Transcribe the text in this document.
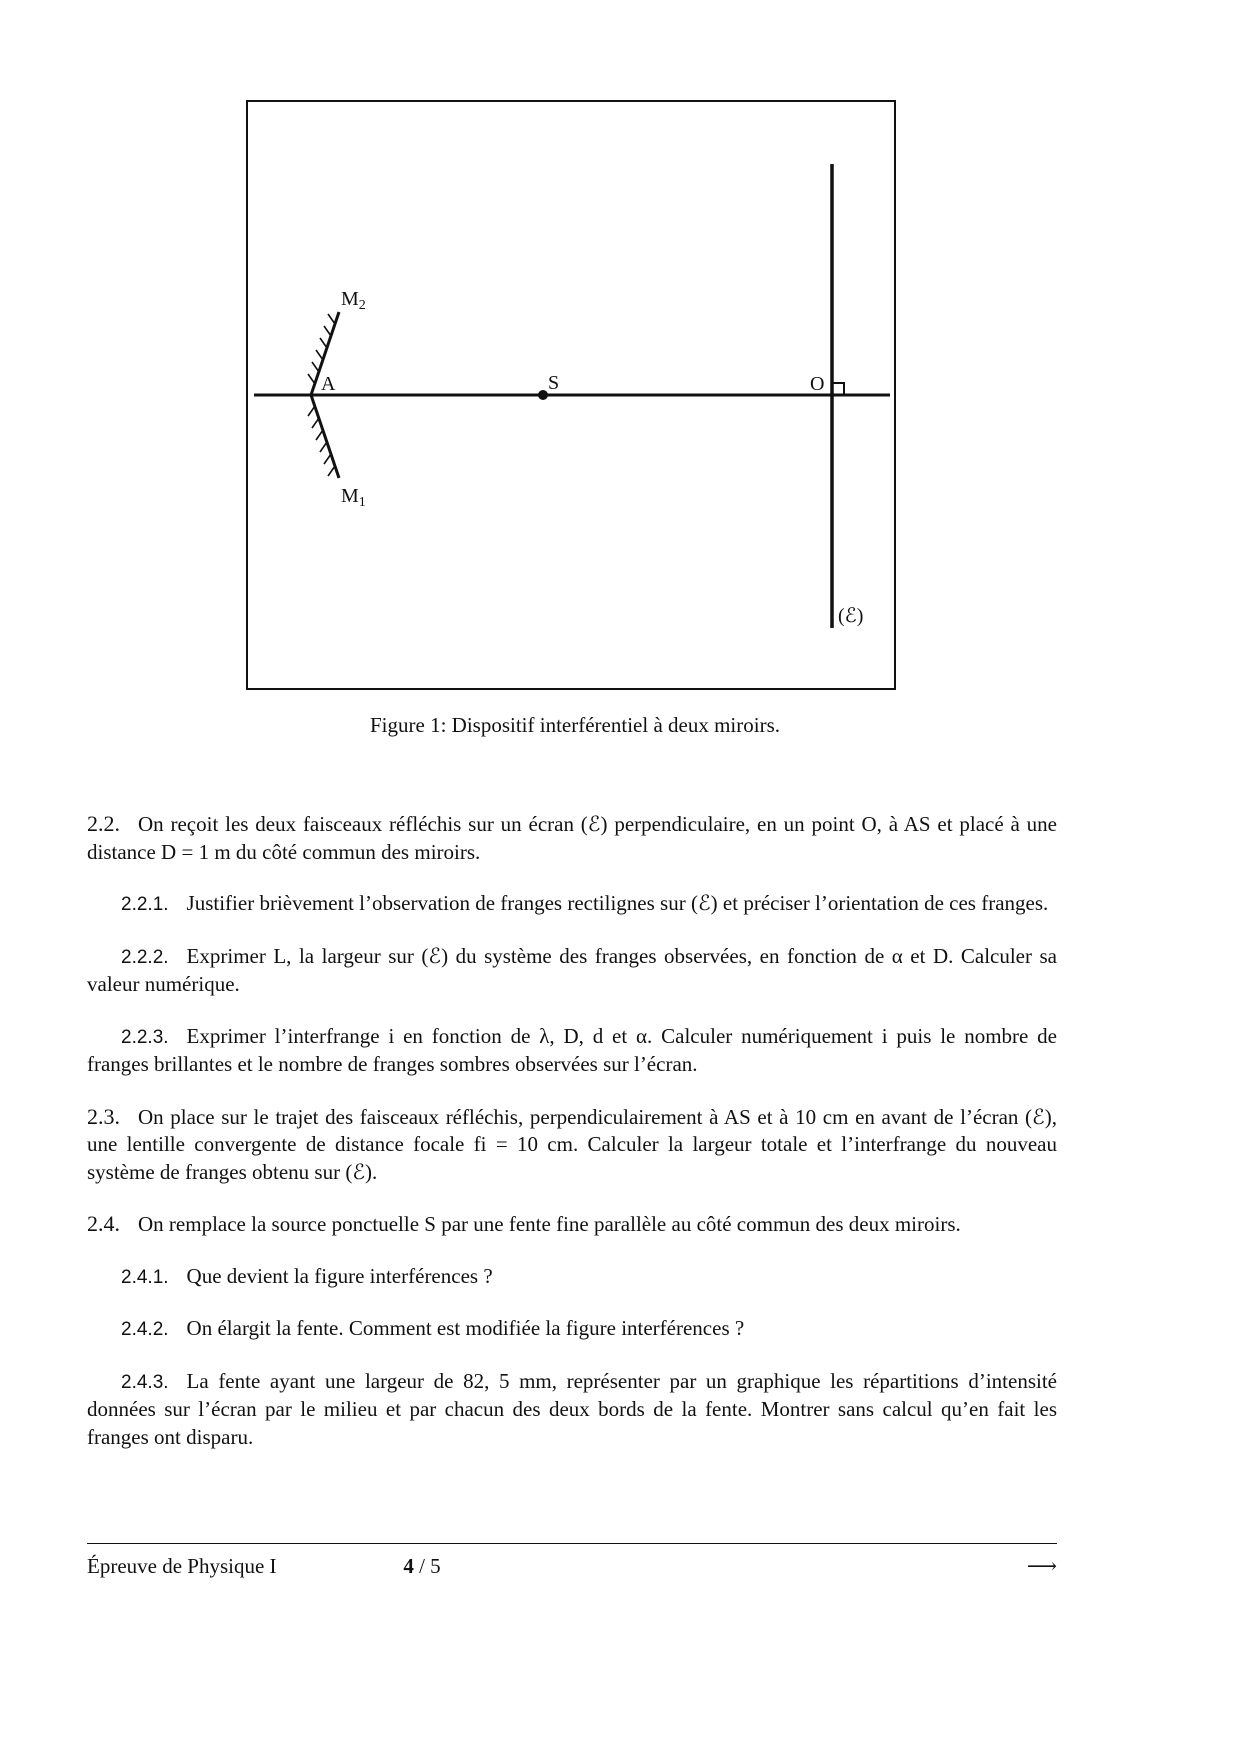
$M_2$
$M_1$
A	S	O
(ℰ)
Figure 1: Dispositif interférentiel à deux miroirs.

2.2. On reçoit les deux faisceaux réfléchis sur un écran (ℰ) perpendiculaire, en un point O, à AS et placé à une distance D = 1 m du côté commun des miroirs.

2.2.1. Justifier brièvement l’observation de franges rectilignes sur (ℰ) et préciser l’orientation de ces franges.

2.2.2. Exprimer L, la largeur sur (ℰ) du système des franges observées, en fonction de α et D. Calculer sa valeur numérique.

2.2.3. Exprimer l’interfrange i en fonction de λ, D, d et α. Calculer numériquement i puis le nombre de franges brillantes et le nombre de franges sombres observées sur l’écran.

2.3. On place sur le trajet des faisceaux réfléchis, perpendiculairement à AS et à 10 cm en avant de l’écran (ℰ), une lentille convergente de distance focale fi = 10 cm. Calculer la largeur totale et l’interfrange du nouveau système de franges obtenu sur (ℰ).

2.4. On remplace la source ponctuelle S par une fente fine parallèle au côté commun des deux miroirs.

2.4.1. Que devient la figure interférences ?

2.4.2. On élargit la fente. Comment est modifiée la figure interférences ?

2.4.3. La fente ayant une largeur de 82, 5 mm, représenter par un graphique les répartitions d’intensité données sur l’écran par le milieu et par chacun des deux bords de la fente. Montrer sans calcul qu’en fait les franges ont disparu.

Épreuve de Physique I	4 / 5	⟶
